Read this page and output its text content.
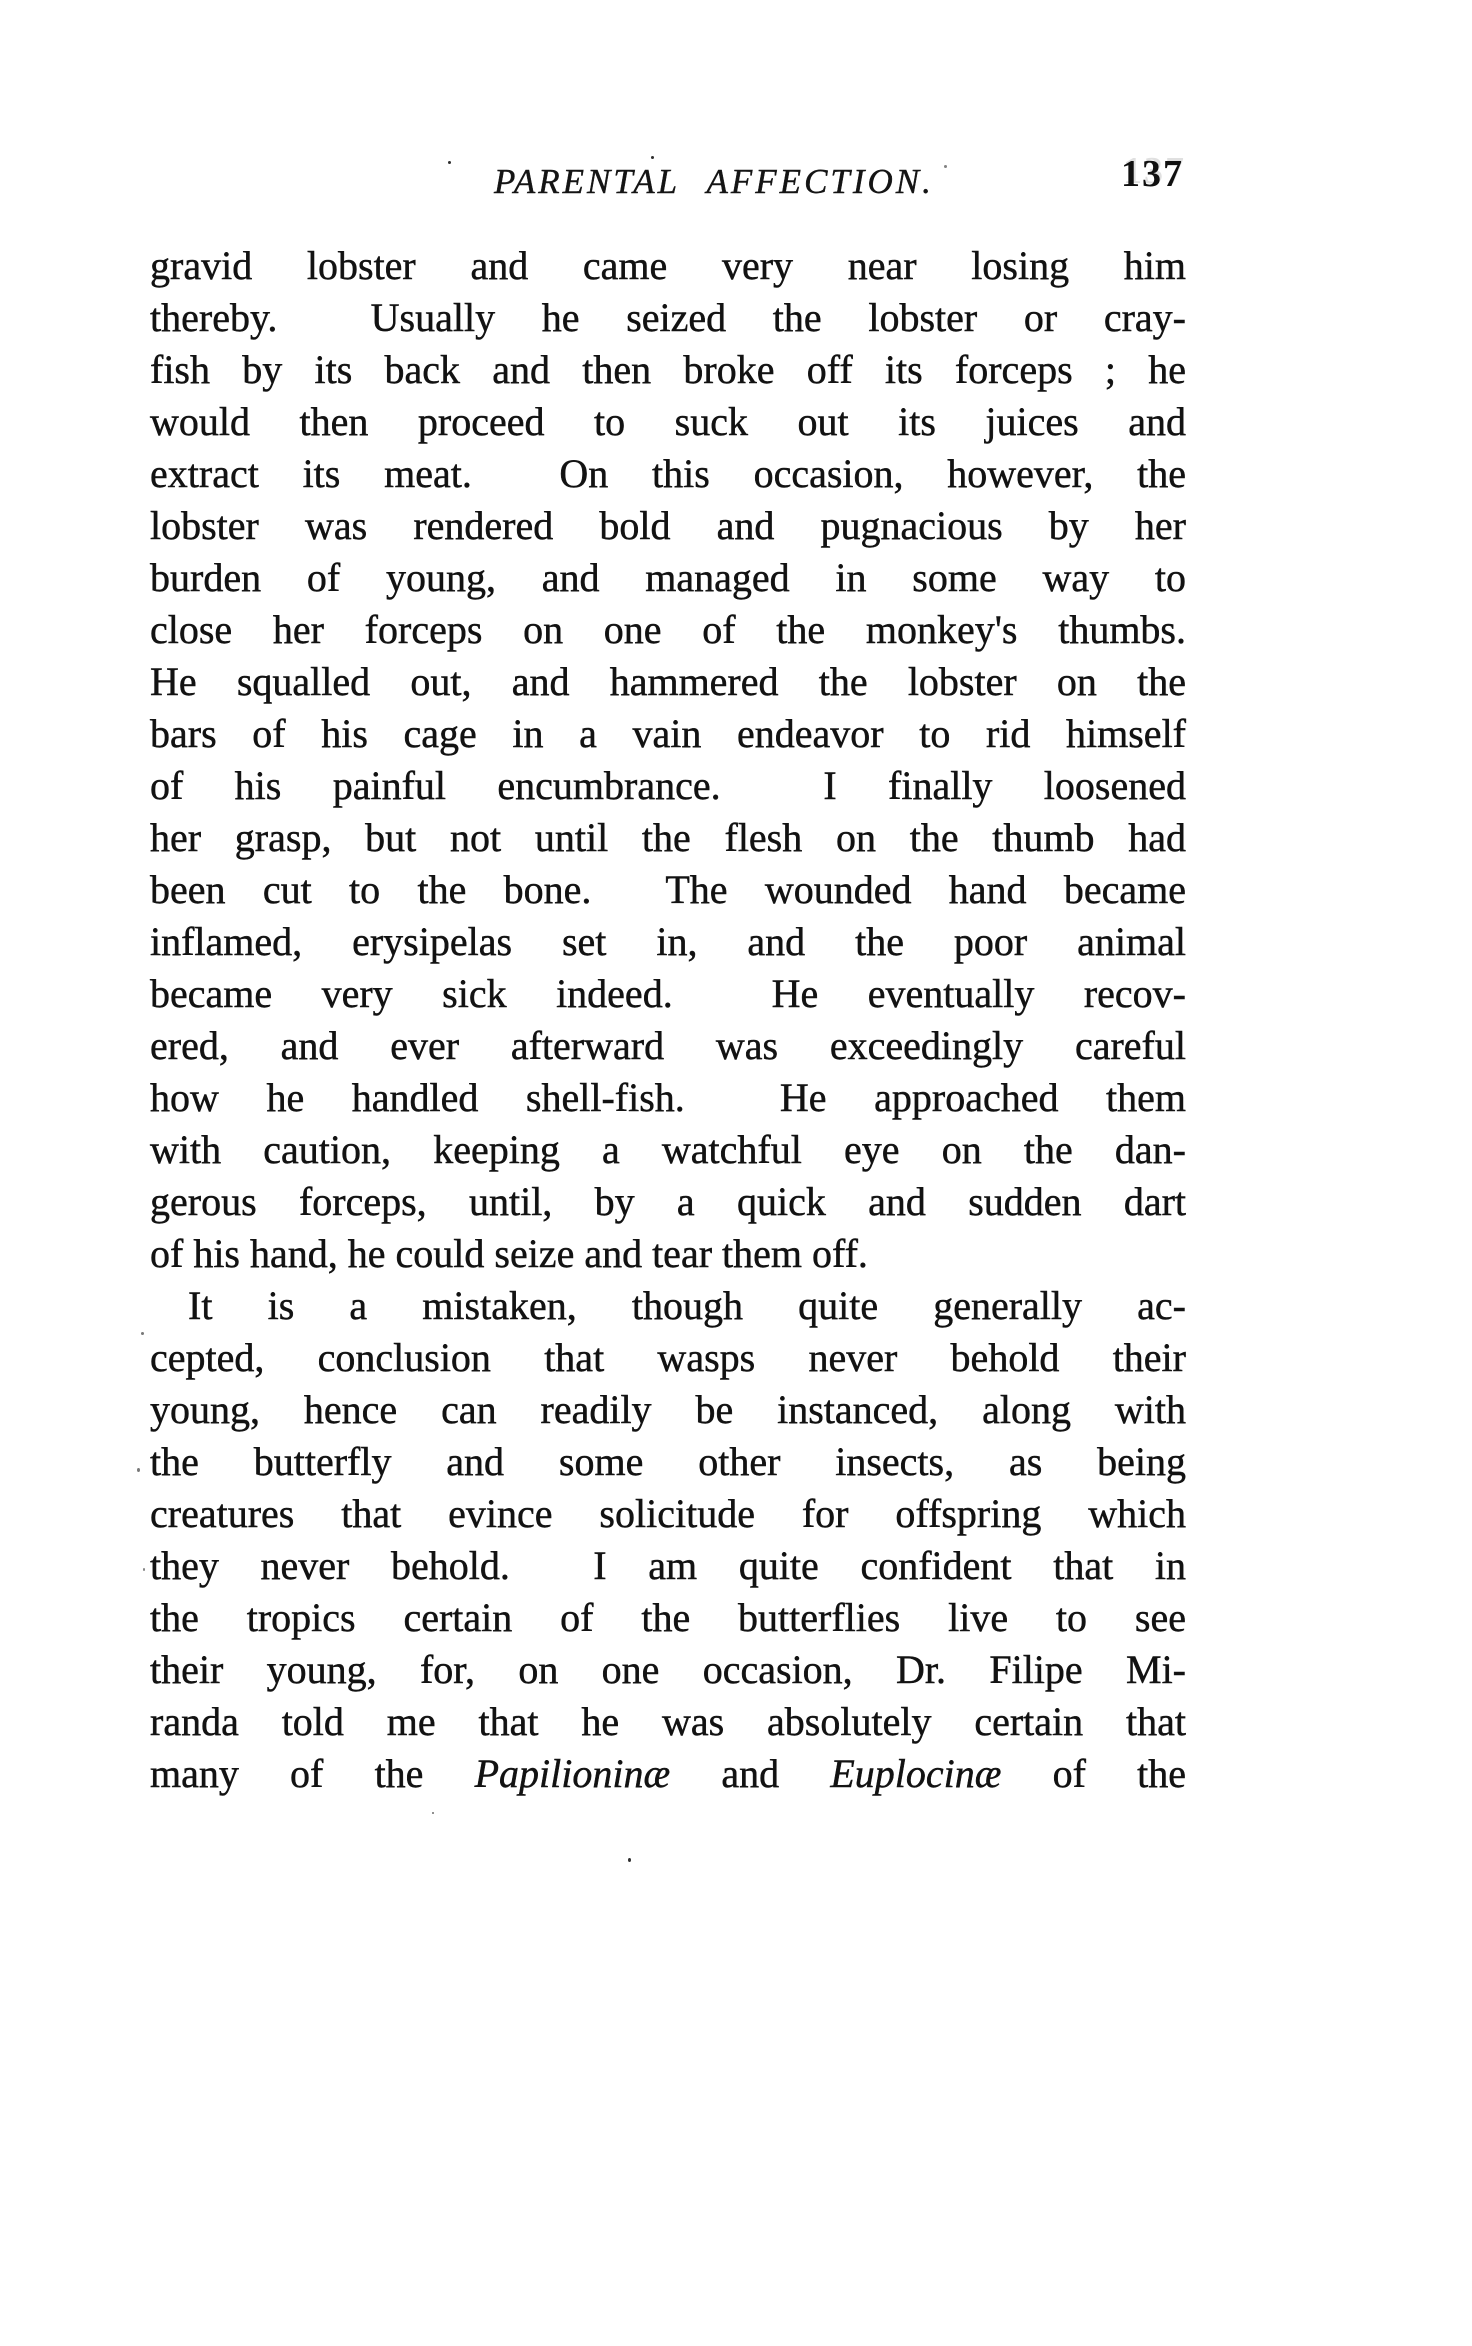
PARENTAL AFFECTION.	137
gravid lobster and came very near losing him
thereby.  Usually he seized the lobster or cray-
fish by its back and then broke off its forceps ; he
would then proceed to suck out its juices and
extract its meat.  On this occasion, however, the
lobster was rendered bold and pugnacious by her
burden of young, and managed in some way to
close her forceps on one of the monkey's thumbs.
He squalled out, and hammered the lobster on the
bars of his cage in a vain endeavor to rid himself
of his painful encumbrance.  I finally loosened
her grasp, but not until the flesh on the thumb had
been cut to the bone.  The wounded hand became
inflamed, erysipelas set in, and the poor animal
became very sick indeed.  He eventually recov-
ered, and ever afterward was exceedingly careful
how he handled shell-fish.  He approached them
with caution, keeping a watchful eye on the dan-
gerous forceps, until, by a quick and sudden dart
of his hand, he could seize and tear them off.
It is a mistaken, though quite generally ac-
cepted, conclusion that wasps never behold their
young, hence can readily be instanced, along with
the butterfly and some other insects, as being
creatures that evince solicitude for offspring which
they never behold.  I am quite confident that in
the tropics certain of the butterflies live to see
their young, for, on one occasion, Dr. Filipe Mi-
randa told me that he was absolutely certain that
many of the Papilioninæ and Euplocinæ of the
